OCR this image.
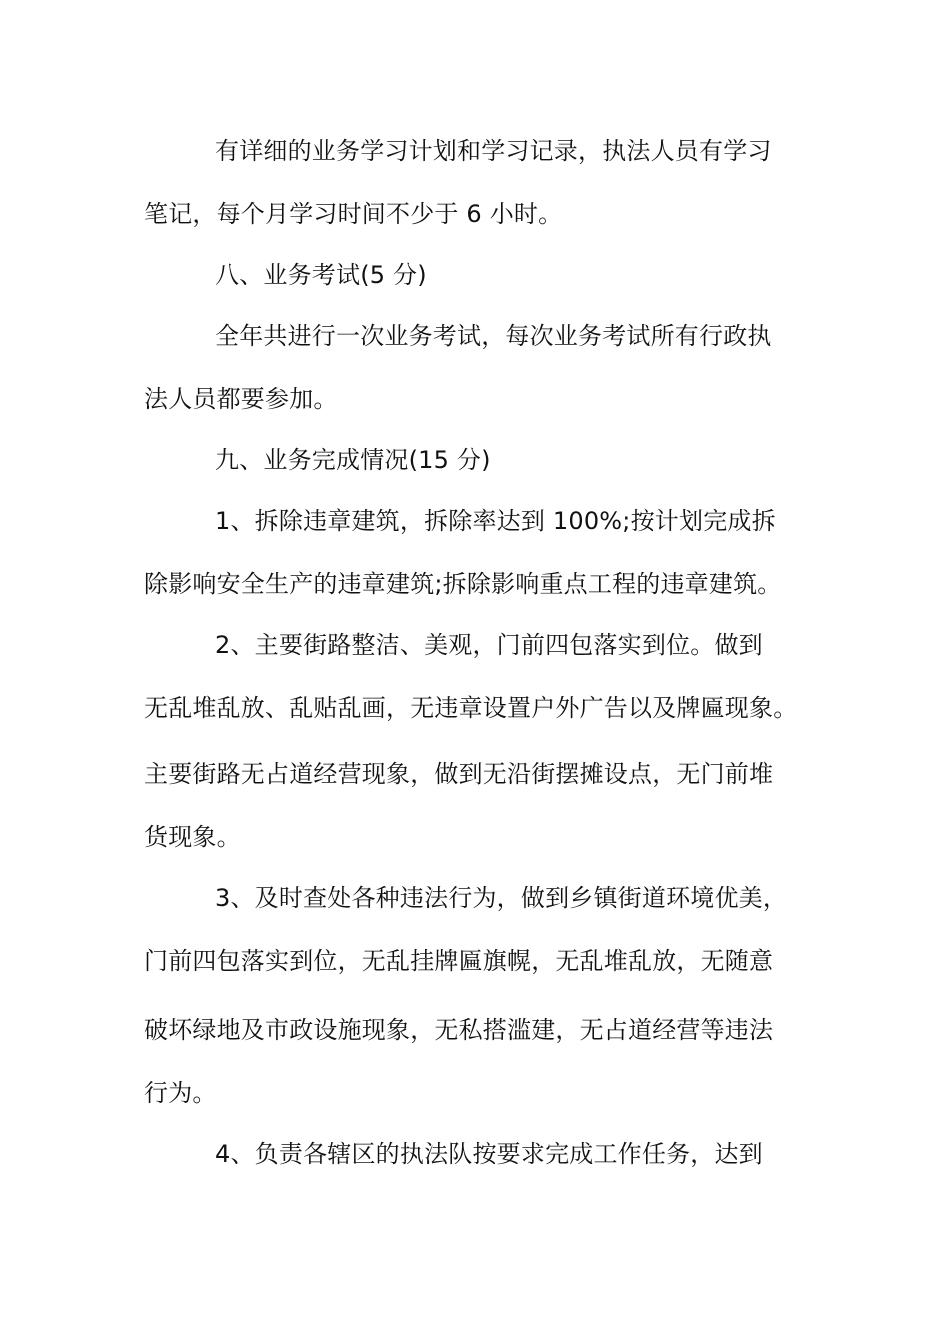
有详细的业务学习计划和学习记录，执法人员有学习
笔记，每个月学习时间不少于 6 小时。
八、业务考试(5 分)
全年共进行一次业务考试，每次业务考试所有行政执
法人员都要参加。
九、业务完成情况(15 分)
1、拆除违章建筑，拆除率达到 100%;按计划完成拆
除影响安全生产的违章建筑;拆除影响重点工程的违章建筑。
2、主要街路整洁、美观，门前四包落实到位。做到
无乱堆乱放、乱贴乱画，无违章设置户外广告以及牌匾现象。
主要街路无占道经营现象，做到无沿街摆摊设点，无门前堆
货现象。
3、及时查处各种违法行为，做到乡镇街道环境优美，
门前四包落实到位，无乱挂牌匾旗幌，无乱堆乱放，无随意
破坏绿地及市政设施现象，无私搭滥建，无占道经营等违法
行为。
4、负责各辖区的执法队按要求完成工作任务，达到
